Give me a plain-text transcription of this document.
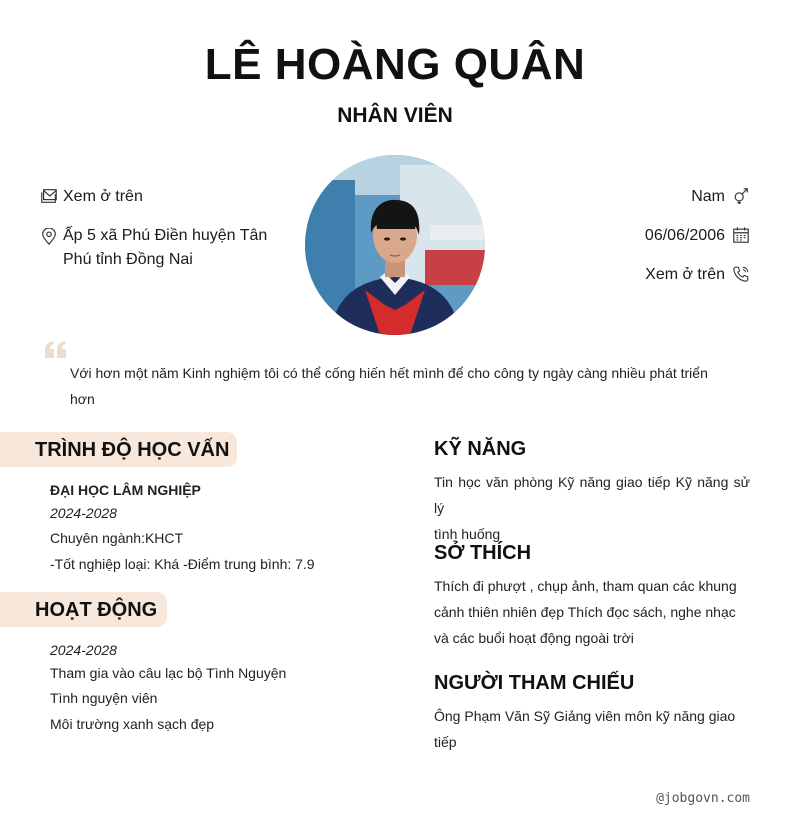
LÊ HOÀNG QUÂN
NHÂN VIÊN
Xem ở trên
Ấp 5 xã Phú Điền huyện Tân
Phú tỉnh Đồng Nai
Nam
06/06/2006
Xem ở trên
Với hơn một năm Kinh nghiệm tôi có thể cống hiến hết mình để cho công ty ngày càng nhiều phát triển
hơn
TRÌNH ĐỘ HỌC VẤN
ĐẠI HỌC LÂM NGHIỆP
2024-2028
Chuyên ngành:KHCT
-Tốt nghiệp loại: Khá -Điểm trung bình: 7.9
HOẠT ĐỘNG
2024-2028
Tham gia vào câu lạc bộ Tình Nguyện
Tình nguyện viên
Môi trường xanh sạch đẹp
KỸ NĂNG
Tin học văn phòng Kỹ năng giao tiếp Kỹ năng sử lý
tình huống
SỞ THÍCH
Thích đi phượt , chụp ảnh, tham quan các khung
cảnh thiên nhiên đẹp Thích đọc sách, nghe nhạc
và các buổi hoạt động ngoài trời
NGƯỜI THAM CHIẾU
Ông Phạm Văn Sỹ Giảng viên môn kỹ năng giao
tiếp
@jobgovn.com
